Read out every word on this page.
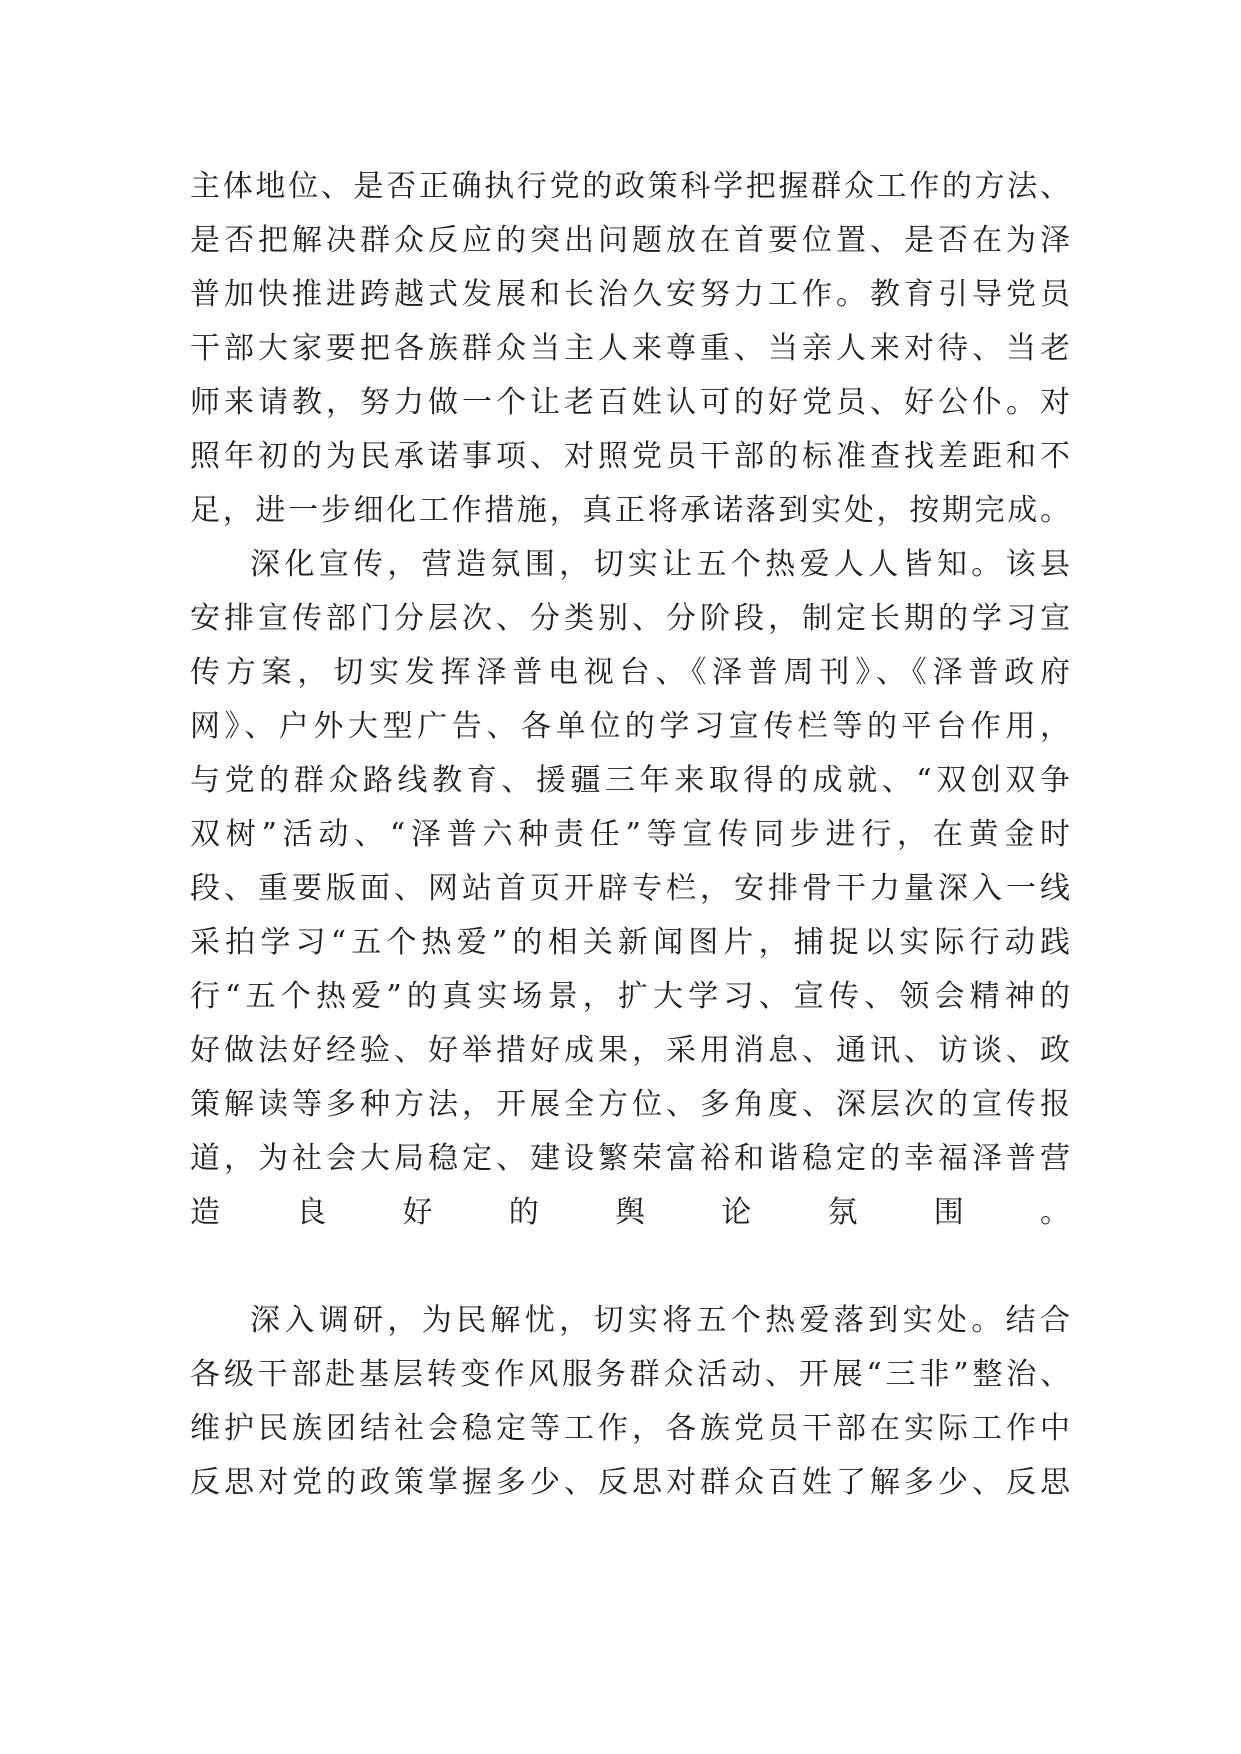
主体地位、是否正确执行党的政策科学把握群众工作的方法、
是否把解决群众反应的突出问题放在首要位置、是否在为泽
普加快推进跨越式发展和长治久安努力工作。教育引导党员
干部大家要把各族群众当主人来尊重、当亲人来对待、当老
师来请教，努力做一个让老百姓认可的好党员、好公仆。对
照年初的为民承诺事项、对照党员干部的标准查找差距和不
足，进一步细化工作措施，真正将承诺落到实处，按期完成。
深化宣传，营造氛围，切实让五个热爱人人皆知。该县
安排宣传部门分层次、分类别、分阶段，制定长期的学习宣
传方案，切实发挥泽普电视台、《泽普周刊》、《泽普政府
网》、户外大型广告、各单位的学习宣传栏等的平台作用，
与党的群众路线教育、援疆三年来取得的成就、“双创双争
双树”活动、“泽普六种责任”等宣传同步进行，在黄金时
段、重要版面、网站首页开辟专栏，安排骨干力量深入一线
采拍学习“五个热爱”的相关新闻图片，捕捉以实际行动践
行“五个热爱”的真实场景，扩大学习、宣传、领会精神的
好做法好经验、好举措好成果，采用消息、通讯、访谈、政
策解读等多种方法，开展全方位、多角度、深层次的宣传报
道，为社会大局稳定、建设繁荣富裕和谐稳定的幸福泽普营
造良好的舆论氛围。
深入调研，为民解忧，切实将五个热爱落到实处。结合
各级干部赴基层转变作风服务群众活动、开展“三非”整治、
维护民族团结社会稳定等工作，各族党员干部在实际工作中
反思对党的政策掌握多少、反思对群众百姓了解多少、反思
